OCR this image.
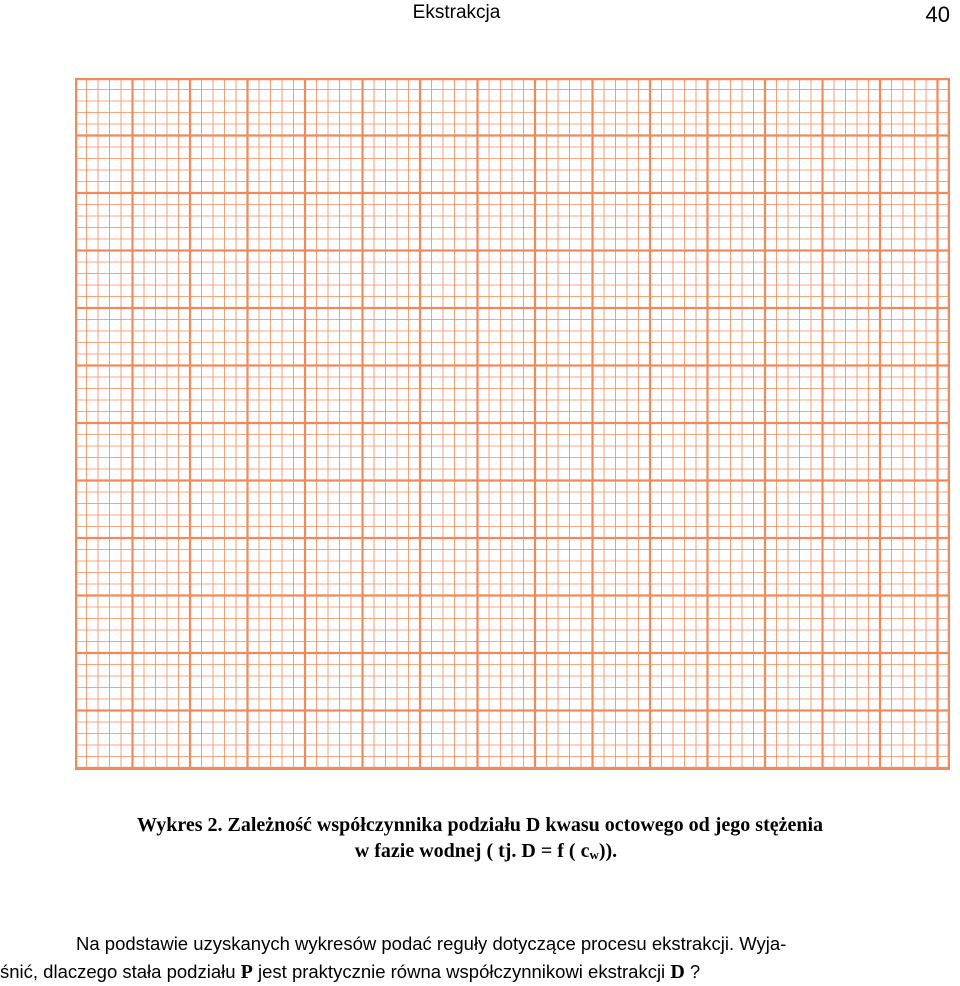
Ekstrakcja	40
Wykres 2. Zależność współczynnika podziału D kwasu octowego od jego stężenia
w fazie wodnej ( tj. D = f ( $c_w$)).
Na podstawie uzyskanych wykresów podać reguły dotyczące procesu ekstrakcji. Wyja-
śnić, dlaczego stała podziału P jest praktycznie równa współczynnikowi ekstrakcji D ?
